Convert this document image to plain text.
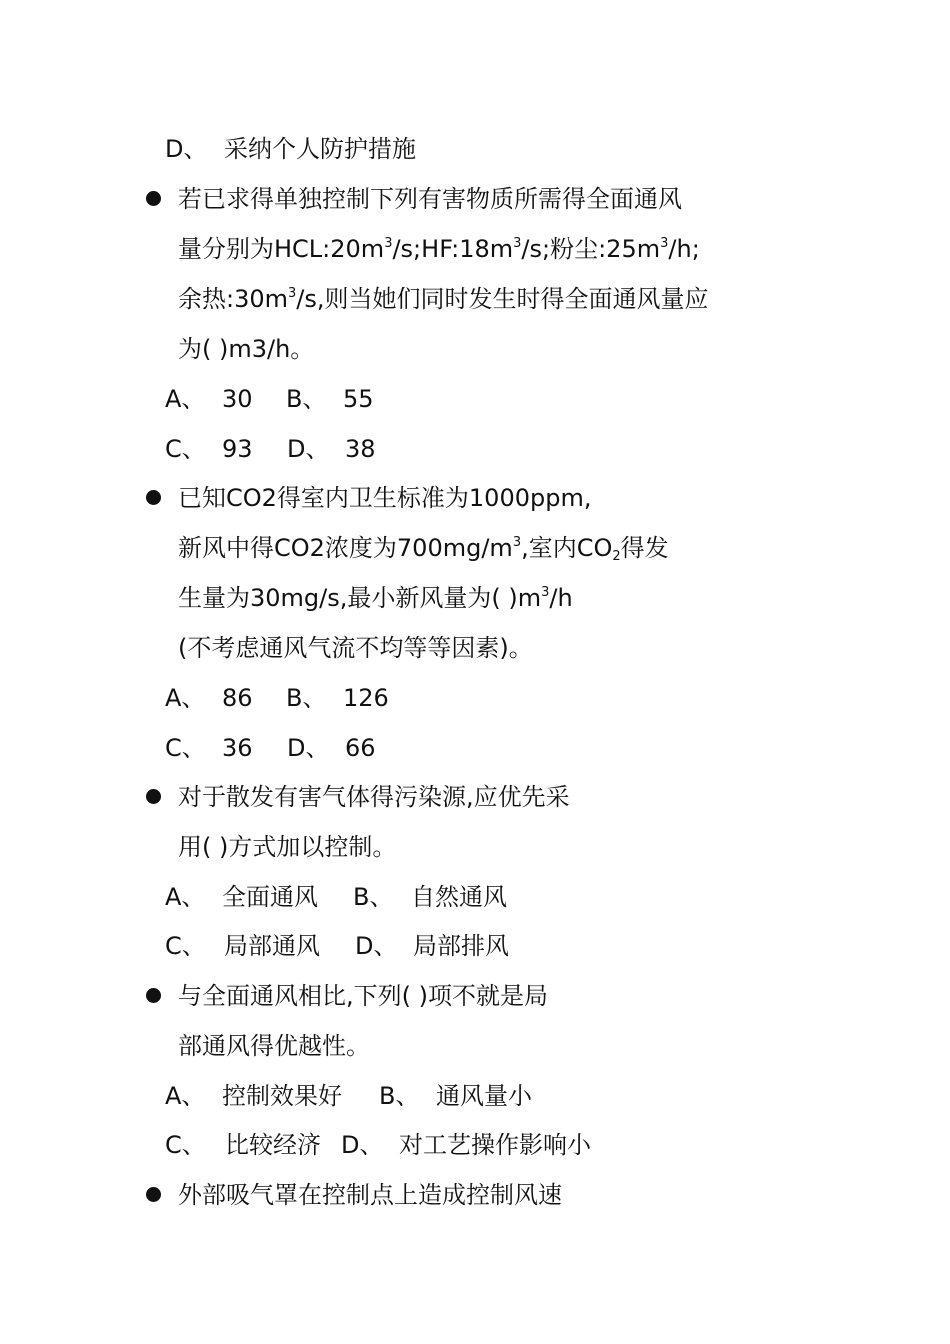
D、 采纳个人防护措施
若已求得单独控制下列有害物质所需得全面通风
量分别为$HCL:20m^3/s;HF:18m^3/s$;粉尘$:25m^3/h$;
余热$:30m^3/s$,则当她们同时发生时得全面通风量应
为( )m3/h。
A、 30 B、 55
C、 93 D、 38
已知CO2得室内卫生标准为1000ppm,
新风中得CO2浓度为$700mg/m^3$,室内$CO_2$得发
生量为30mg/s,最小新风量为( )$m^3/h$
(不考虑通风气流不均等等因素)。
A、 86 B、 126
C、 36 D、 66
对于散发有害气体得污染源,应优先采
用( )方式加以控制。
A、 全面通风 B、 自然通风
C、 局部通风 D、 局部排风
与全面通风相比,下列( )项不就是局
部通风得优越性。
A、 控制效果好 B、 通风量小
C、 比较经济 D、 对工艺操作影响小
外部吸气罩在控制点上造成控制风速
